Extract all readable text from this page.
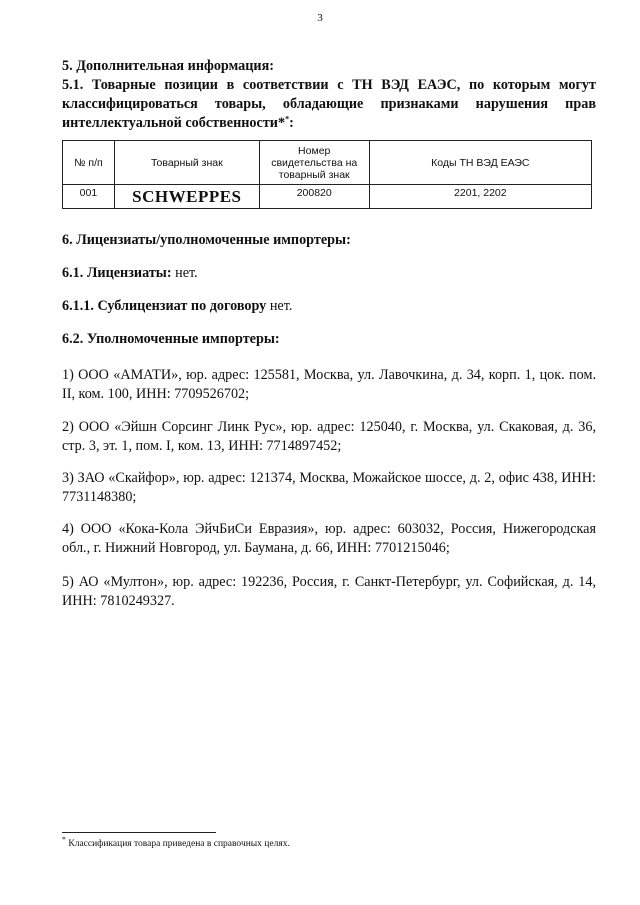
3
5. Дополнительная информация:
5.1. Товарные позиции в соответствии с ТН ВЭД ЕАЭС, по которым могут классифицироваться товары, обладающие признаками нарушения прав интеллектуальной собственности**:
№ п/п	Товарный знак	Номер свидетельства на товарный знак	Коды ТН ВЭД ЕАЭС
001	SCHWEPPES	200820	2201, 2202
6. Лицензиаты/уполномоченные импортеры:
6.1. Лицензиаты: нет.
6.1.1. Сублицензиат по договору нет.
6.2. Уполномоченные импортеры:
1) ООО «АМАТИ», юр. адрес: 125581, Москва, ул. Лавочкина, д. 34, корп. 1, цок. пом. II, ком. 100, ИНН: 7709526702;
2) ООО «Эйшн Сорсинг Линк Рус», юр. адрес: 125040, г. Москва, ул. Скаковая, д. 36, стр. 3, эт. 1, пом. I, ком. 13, ИНН: 7714897452;
3) ЗАО «Скайфор», юр. адрес: 121374, Москва, Можайское шоссе, д. 2, офис 438, ИНН: 7731148380;
4) ООО «Кока-Кола ЭйчБиСи Евразия», юр. адрес: 603032, Россия, Нижегородская обл., г. Нижний Новгород, ул. Баумана, д. 66, ИНН: 7701215046;
5) АО «Мултон», юр. адрес: 192236, Россия, г. Санкт-Петербург, ул. Софийская, д. 14, ИНН: 7810249327.
* Классификация товара приведена в справочных целях.
